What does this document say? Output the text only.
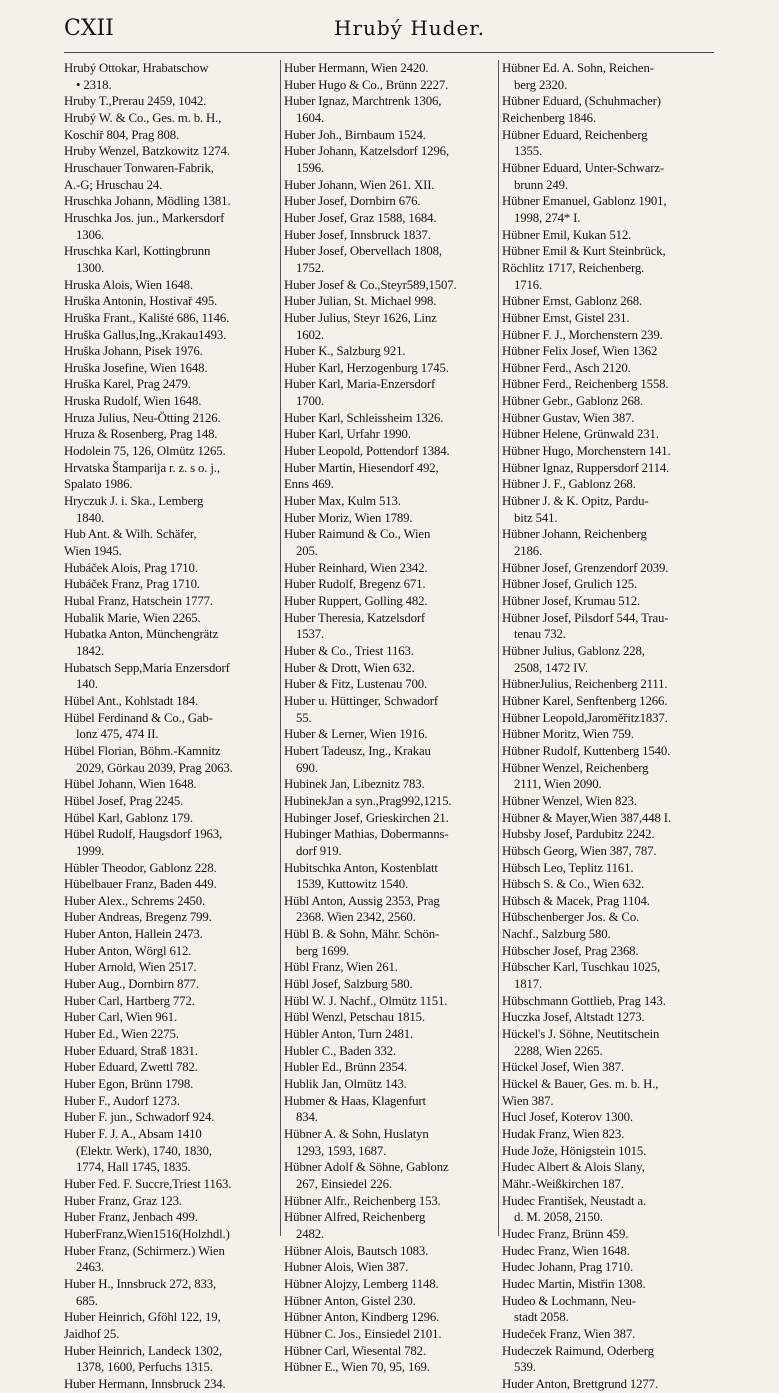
CXII	Hrubý Huder.
Hrubý Ottokar, Hrabatschow
• 2318.
Hruby T.,Prerau 2459, 1042.
Hrubý W. & Co., Ges. m. b. H.,
Koschiř 804, Prag 808.
Hruby Wenzel, Batzkowitz 1274.
Hruschauer Tonwaren-Fabrik,
A.-G; Hruschau 24.
Hruschka Johann, Mödling 1381.
Hruschka Jos. jun., Markersdorf
1306.
Hruschka Karl, Kottingbrunn
1300.
Hruska Alois, Wien 1648.
Hruška Antonin, Hostivař 495.
Hruška Frant., Kališté 686, 1146.
Hruška Gallus,Ing.,Krakau1493.
Hruška Johann, Pisek 1976.
Hruška Josefine, Wien 1648.
Hruška Karel, Prag 2479.
Hruska Rudolf, Wien 1648.
Hruza Julius, Neu-Ötting 2126.
Hruza & Rosenberg, Prag 148.
Hodolein 75, 126, Olmütz 1265.
Hrvatska Štamparija r. z. s o. j.,
Spalato 1986.
Hryczuk J. i. Ska., Lemberg
1840.
Hub Ant. & Wilh. Schäfer,
Wien 1945.
Hubáček Alois, Prag 1710.
Hubáček Franz, Prag 1710.
Hubal Franz, Hatschein 1777.
Hubalik Marie, Wien 2265.
Hubatka Anton, Münchengrätz
1842.
Hubatsch Sepp,Maria Enzersdorf
140.
Hübel Ant., Kohlstadt 184.
Hübel Ferdinand & Co., Gab-
lonz 475, 474 II.
Hübel Florian, Böhm.-Kamnitz
2029, Görkau 2039, Prag 2063.
Hübel Johann, Wien 1648.
Hübel Josef, Prag 2245.
Hübel Karl, Gablonz 179.
Hübel Rudolf, Haugsdorf 1963,
1999.
Hübler Theodor, Gablonz 228.
Hübelbauer Franz, Baden 449.
Huber Alex., Schrems 2450.
Huber Andreas, Bregenz 799.
Huber Anton, Hallein 2473.
Huber Anton, Wörgl 612.
Huber Arnold, Wien 2517.
Huber Aug., Dornbirn 877.
Huber Carl, Hartberg 772.
Huber Carl, Wien 961.
Huber Ed., Wien 2275.
Huber Eduard, Straß 1831.
Huber Eduard, Zwettl 782.
Huber Egon, Brünn 1798.
Huber F., Audorf 1273.
Huber F. jun., Schwadorf 924.
Huber F. J. A., Absam 1410
(Elektr. Werk), 1740, 1830,
1774, Hall 1745, 1835.
Huber Fed. F. Succre,Triest 1163.
Huber Franz, Graz 123.
Huber Franz, Jenbach 499.
HuberFranz,Wien1516(Holzhdl.)
Huber Franz, (Schirmerz.) Wien
2463.
Huber H., Innsbruck 272, 833,
685.
Huber Heinrich, Gföhl 122, 19,
Jaidhof 25.
Huber Heinrich, Landeck 1302,
1378, 1600, Perfuchs 1315.
Huber Hermann, Innsbruck 234.
Huber Hermann, Wien 2420.
Huber Hugo & Co., Brünn 2227.
Huber Ignaz, Marchtrenk 1306,
1604.
Huber Joh., Birnbaum 1524.
Huber Johann, Katzelsdorf 1296,
1596.
Huber Johann, Wien 261. XII.
Huber Josef, Dornbirn 676.
Huber Josef, Graz 1588, 1684.
Huber Josef, Innsbruck 1837.
Huber Josef, Obervellach 1808,
1752.
Huber Josef & Co.,Steyr589,1507.
Huber Julian, St. Michael 998.
Huber Julius, Steyr 1626, Linz
1602.
Huber K., Salzburg 921.
Huber Karl, Herzogenburg 1745.
Huber Karl, Maria-Enzersdorf
1700.
Huber Karl, Schleissheim 1326.
Huber Karl, Urfahr 1990.
Huber Leopold, Pottendorf 1384.
Huber Martin, Hiesendorf 492,
Enns 469.
Huber Max, Kulm 513.
Huber Moriz, Wien 1789.
Huber Raimund & Co., Wien
205.
Huber Reinhard, Wien 2342.
Huber Rudolf, Bregenz 671.
Huber Ruppert, Golling 482.
Huber Theresia, Katzelsdorf
1537.
Huber & Co., Triest 1163.
Huber & Drott, Wien 632.
Huber & Fitz, Lustenau 700.
Huber u. Hüttinger, Schwadorf
55.
Huber & Lerner, Wien 1916.
Hubert Tadeusz, Ing., Krakau
690.
Hubinek Jan, Libeznitz 783.
HubinekJan a syn.,Prag992,1215.
Hubinger Josef, Grieskirchen 21.
Hubinger Mathias, Dobermanns-
dorf 919.
Hubitschka Anton, Kostenblatt
1539, Kuttowitz 1540.
Hübl Anton, Aussig 2353, Prag
2368. Wien 2342, 2560.
Hübl B. & Sohn, Mähr. Schön-
berg 1699.
Hübl Franz, Wien 261.
Hübl Josef, Salzburg 580.
Hübl W. J. Nachf., Olmütz 1151.
Hübl Wenzl, Petschau 1815.
Hübler Anton, Turn 2481.
Hubler C., Baden 332.
Hubler Ed., Brünn 2354.
Hublik Jan, Olmütz 143.
Hubmer & Haas, Klagenfurt
834.
Hübner A. & Sohn, Huslatyn
1293, 1593, 1687.
Hübner Adolf & Söhne, Gablonz
267, Einsiedel 226.
Hübner Alfr., Reichenberg 153.
Hübner Alfred, Reichenberg
2482.
Hübner Alois, Bautsch 1083.
Hubner Alois, Wien 387.
Hübner Alojzy, Lemberg 1148.
Hübner Anton, Gistel 230.
Hübner Anton, Kindberg 1296.
Hübner C. Jos., Einsiedel 2101.
Hübner Carl, Wiesental 782.
Hübner E., Wien 70, 95, 169.
Hübner Ed. A. Sohn, Reichen-
berg 2320.
Hübner Eduard, (Schuhmacher)
Reichenberg 1846.
Hübner Eduard, Reichenberg
1355.
Hübner Eduard, Unter-Schwarz-
brunn 249.
Hübner Emanuel, Gablonz 1901,
1998, 274* I.
Hübner Emil, Kukan 512.
Hübner Emil & Kurt Steinbrück,
Röchlitz 1717, Reichenberg.
1716.
Hübner Ernst, Gablonz 268.
Hübner Ernst, Gistel 231.
Hübner F. J., Morchenstern 239.
Hübner Felix Josef, Wien 1362
Hübner Ferd., Asch 2120.
Hübner Ferd., Reichenberg 1558.
Hübner Gebr., Gablonz 268.
Hübner Gustav, Wien 387.
Hübner Helene, Grünwald 231.
Hübner Hugo, Morchenstern 141.
Hübner Ignaz, Ruppersdorf 2114.
Hübner J. F., Gablonz 268.
Hübner J. & K. Opitz, Pardu-
bitz 541.
Hübner Johann, Reichenberg
2186.
Hübner Josef, Grenzendorf 2039.
Hübner Josef, Grulich 125.
Hübner Josef, Krumau 512.
Hübner Josef, Pilsdorf 544, Trau-
tenau 732.
Hübner Julius, Gablonz 228,
2508, 1472 IV.
HübnerJulius, Reichenberg 2111.
Hübner Karel, Senftenberg 1266.
Hübner Leopold,Jaroměřitz1837.
Hübner Moritz, Wien 759.
Hübner Rudolf, Kuttenberg 1540.
Hübner Wenzel, Reichenberg
2111, Wien 2090.
Hübner Wenzel, Wien 823.
Hübner & Mayer,Wien 387,448 I.
Hubsby Josef, Pardubitz 2242.
Hübsch Georg, Wien 387, 787.
Hübsch Leo, Teplitz 1161.
Hübsch S. & Co., Wien 632.
Hübsch & Macek, Prag 1104.
Hübschenberger Jos. & Co.
Nachf., Salzburg 580.
Hübscher Josef, Prag 2368.
Hübscher Karl, Tuschkau 1025,
1817.
Hübschmann Gottlieb, Prag 143.
Huczka Josef, Altstadt 1273.
Hückel's J. Söhne, Neutitschein
2288, Wien 2265.
Hückel Josef, Wien 387.
Hückel & Bauer, Ges. m. b. H.,
Wien 387.
Hucl Josef, Koterov 1300.
Hudak Franz, Wien 823.
Hude Jože, Hönigstein 1015.
Hudec Albert & Alois Slany,
Mähr.-Weißkirchen 187.
Hudec František, Neustadt a.
d. M. 2058, 2150.
Hudec Franz, Brünn 459.
Hudec Franz, Wien 1648.
Hudec Johann, Prag 1710.
Hudec Martin, Mistřin 1308.
Hudeo & Lochmann, Neu-
stadt 2058.
Hudeček Franz, Wien 387.
Hudeczek Raimund, Oderberg
539.
Huder Anton, Brettgrund 1277.
